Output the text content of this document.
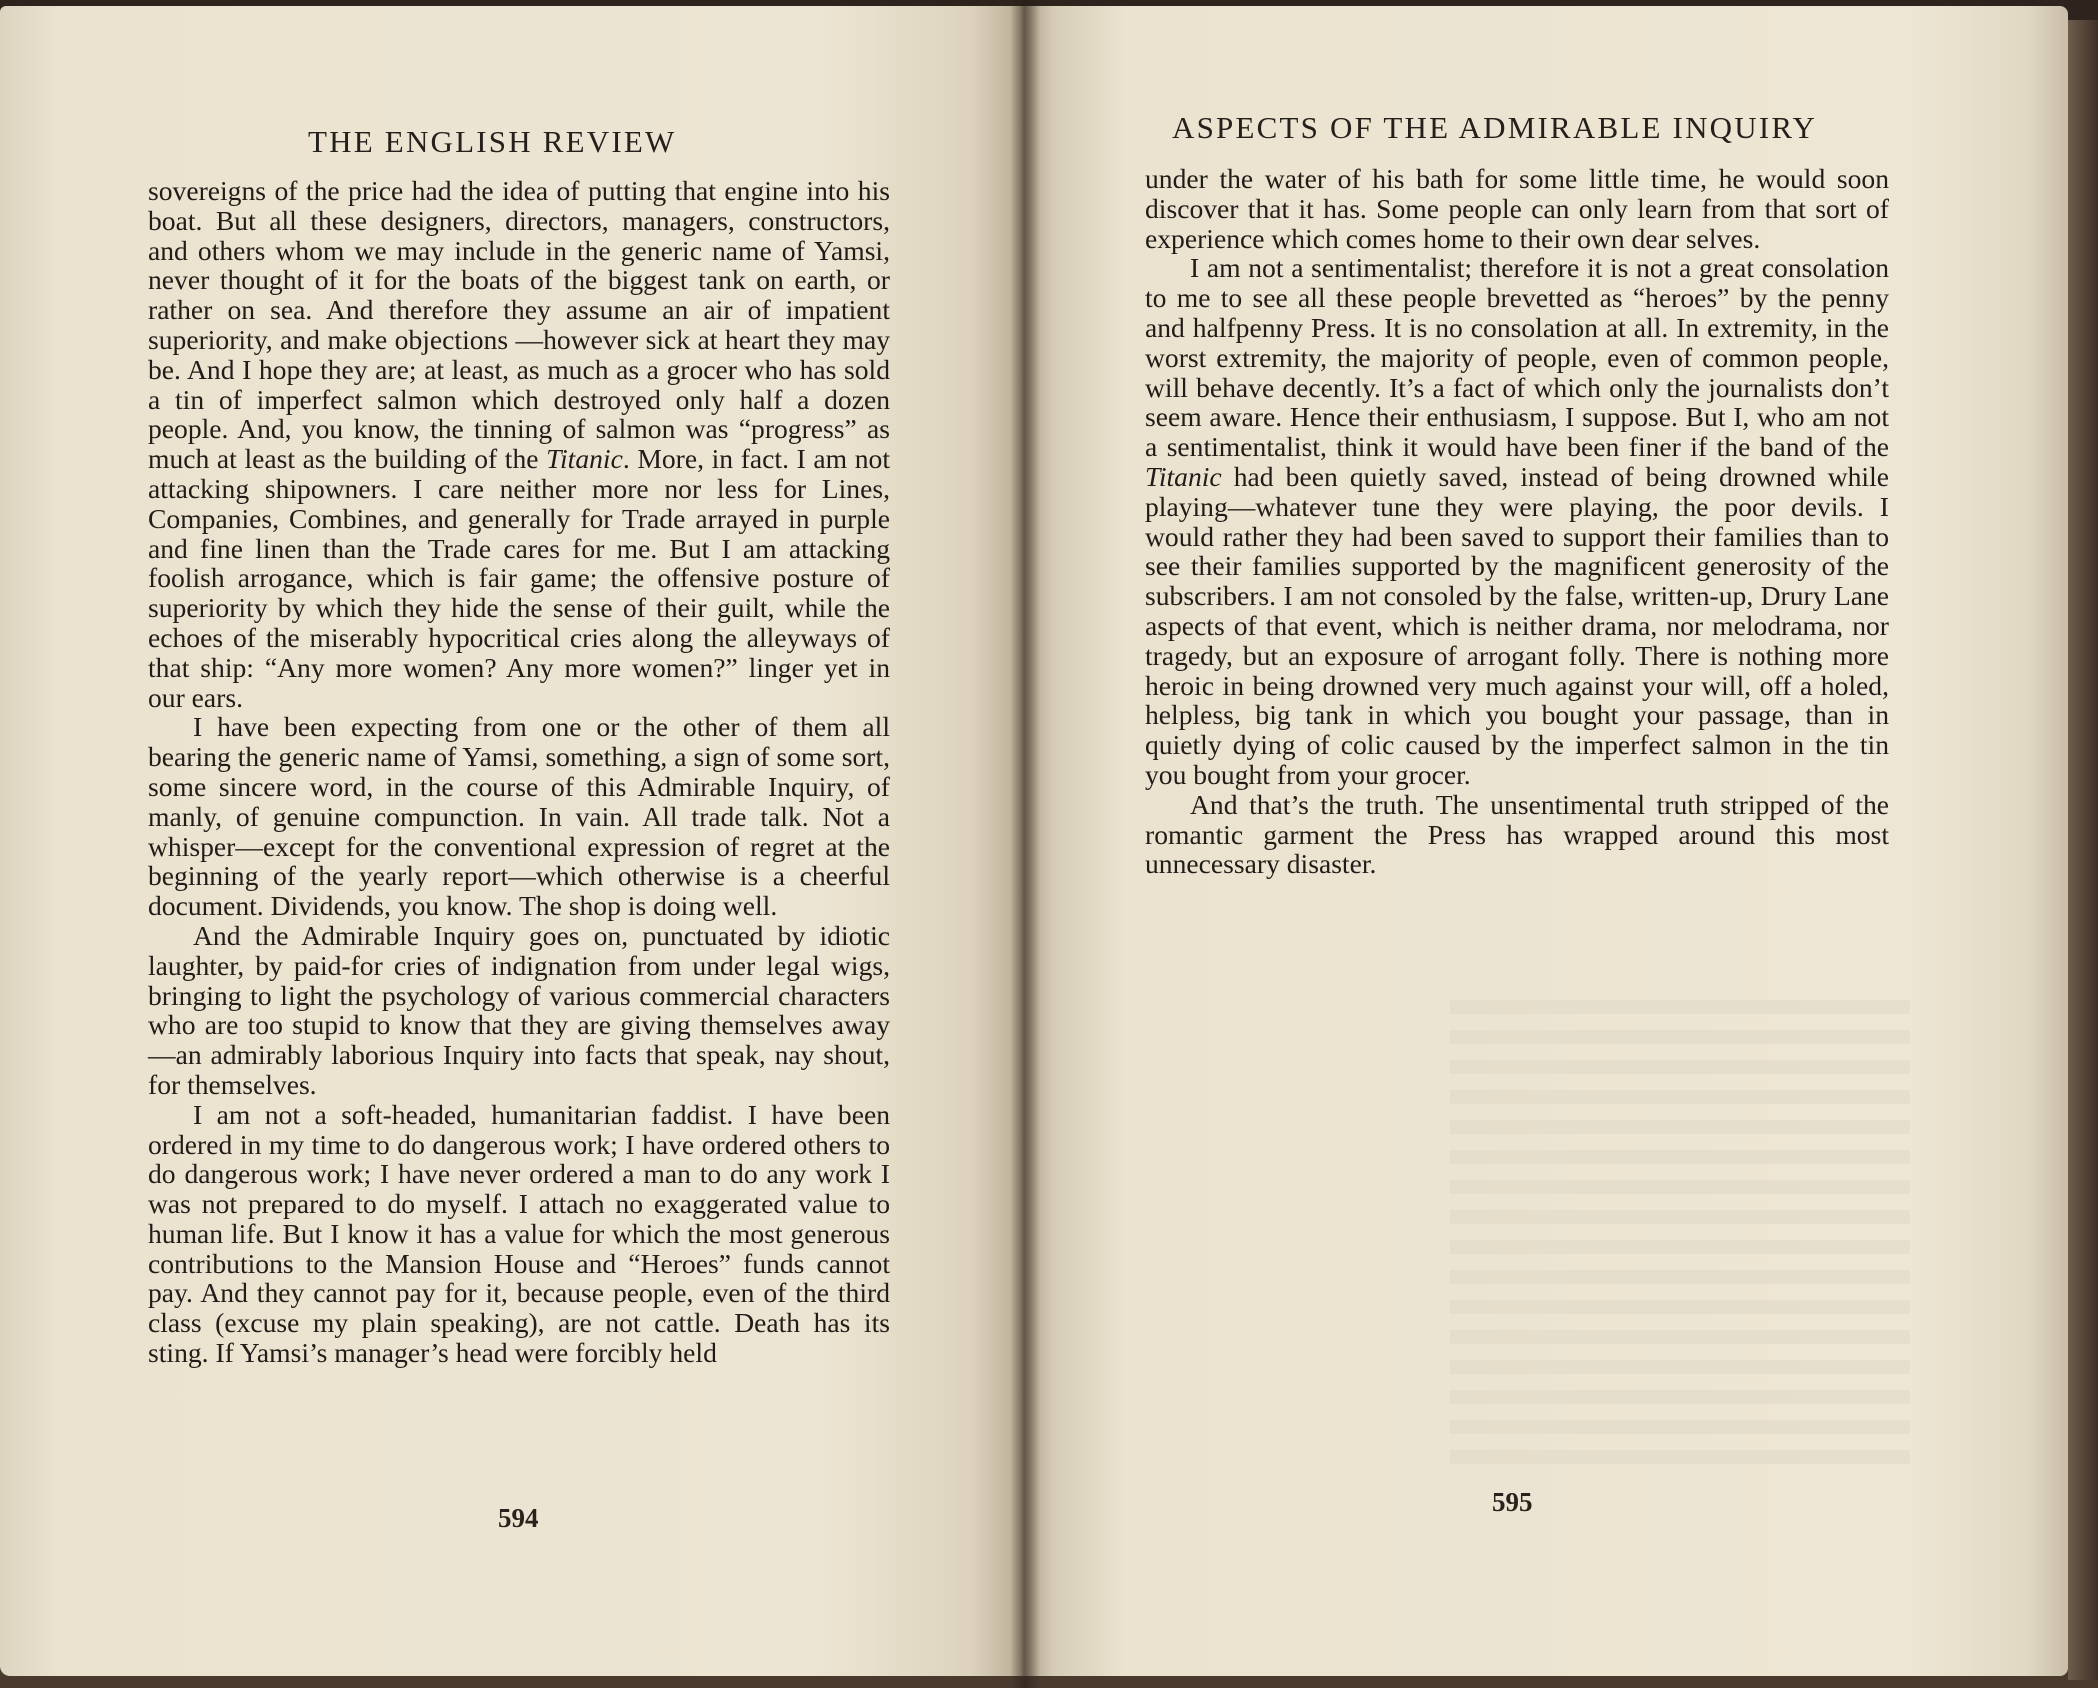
THE ENGLISH REVIEW

sovereigns of the price had the idea of putting that engine into his boat. But all these designers, directors, managers, constructors, and others whom we may include in the generic name of Yamsi, never thought of it for the boats of the biggest tank on earth, or rather on sea. And therefore they assume an air of impatient superiority, and make objections —however sick at heart they may be. And I hope they are; at least, as much as a grocer who has sold a tin of imperfect salmon which destroyed only half a dozen people. And, you know, the tinning of salmon was “progress” as much at least as the building of the Titanic. More, in fact. I am not attacking shipowners. I care neither more nor less for Lines, Companies, Combines, and generally for Trade arrayed in purple and fine linen than the Trade cares for me. But I am attacking foolish arrogance, which is fair game; the offensive posture of superiority by which they hide the sense of their guilt, while the echoes of the miserably hypocritical cries along the alleyways of that ship: “Any more women? Any more women?” linger yet in our ears.

I have been expecting from one or the other of them all bearing the generic name of Yamsi, something, a sign of some sort, some sincere word, in the course of this Admirable Inquiry, of manly, of genuine compunction. In vain. All trade talk. Not a whisper—except for the conventional expression of regret at the beginning of the yearly report—which otherwise is a cheerful document. Dividends, you know. The shop is doing well.

And the Admirable Inquiry goes on, punctuated by idiotic laughter, by paid-for cries of indignation from under legal wigs, bringing to light the psychology of various commercial characters who are too stupid to know that they are giving themselves away—an admirably laborious Inquiry into facts that speak, nay shout, for themselves.

I am not a soft-headed, humanitarian faddist. I have been ordered in my time to do dangerous work; I have ordered others to do dangerous work; I have never ordered a man to do any work I was not prepared to do myself. I attach no exaggerated value to human life. But I know it has a value for which the most generous contributions to the Mansion House and “Heroes” funds cannot pay. And they cannot pay for it, because people, even of the third class (excuse my plain speaking), are not cattle. Death has its sting. If Yamsi’s manager’s head were forcibly held

594
ASPECTS OF THE ADMIRABLE INQUIRY

under the water of his bath for some little time, he would soon discover that it has. Some people can only learn from that sort of experience which comes home to their own dear selves.

I am not a sentimentalist; therefore it is not a great consolation to me to see all these people brevetted as “heroes” by the penny and halfpenny Press. It is no consolation at all. In extremity, in the worst extremity, the majority of people, even of common people, will behave decently. It’s a fact of which only the journalists don’t seem aware. Hence their enthusiasm, I suppose. But I, who am not a sentimentalist, think it would have been finer if the band of the Titanic had been quietly saved, instead of being drowned while playing—whatever tune they were playing, the poor devils. I would rather they had been saved to support their families than to see their families supported by the magnificent generosity of the subscribers. I am not consoled by the false, written-up, Drury Lane aspects of that event, which is neither drama, nor melodrama, nor tragedy, but an exposure of arrogant folly. There is nothing more heroic in being drowned very much against your will, off a holed, helpless, big tank in which you bought your passage, than in quietly dying of colic caused by the imperfect salmon in the tin you bought from your grocer.

And that’s the truth. The unsentimental truth stripped of the romantic garment the Press has wrapped around this most unnecessary disaster.

595
